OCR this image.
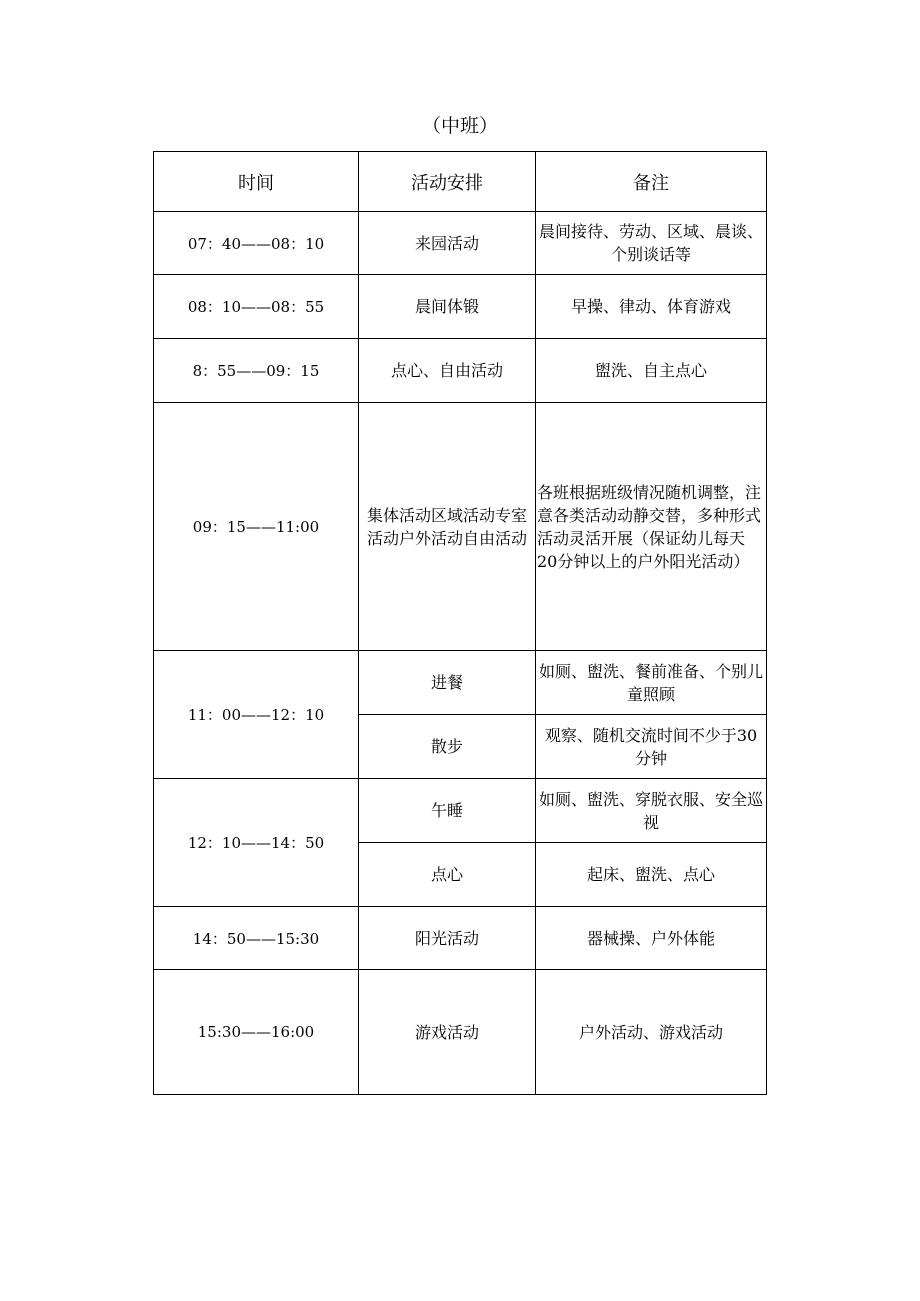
（中班）
时间	活动安排	备注
07：40——08：10	来园活动	晨间接待、劳动、区域、晨谈、个别谈话等
08：10——08：55	晨间体锻	早操、律动、体育游戏
8：55——09：15	点心、自由活动	盥洗、自主点心
09：15——11:00	集体活动区域活动专室活动户外活动自由活动	各班根据班级情况随机调整，注意各类活动动静交替，多种形式活动灵活开展（保证幼儿每天20分钟以上的户外阳光活动）
11：00——12：10	进餐	如厕、盥洗、餐前准备、个别儿童照顾
	散步	观察、随机交流时间不少于30分钟
12：10——14：50	午睡	如厕、盥洗、穿脱衣服、安全巡视
	点心	起床、盥洗、点心
14：50——15:30	阳光活动	器械操、户外体能
15:30——16:00	游戏活动	户外活动、游戏活动
